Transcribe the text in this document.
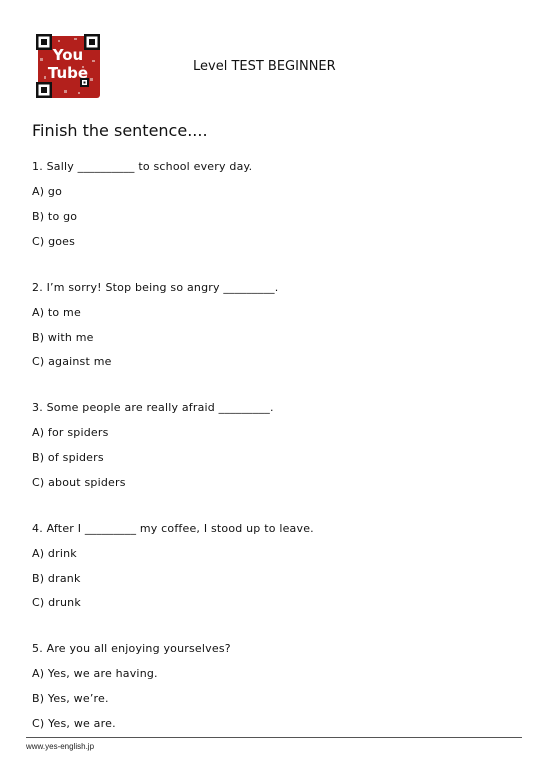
You
Tube	Level TEST BEGINNER
Finish the sentence....
1. Sally __________ to school every day.
A) go
B) to go
C) goes
2. I’m sorry! Stop being so angry _________.
A) to me
B) with me
C) against me
3. Some people are really afraid _________.
A) for spiders
B) of spiders
C) about spiders
4. After I _________ my coffee, I stood up to leave.
A) drink
B) drank
C) drunk
5. Are you all enjoying yourselves?
A) Yes, we are having.
B) Yes, we’re.
C) Yes, we are.
www.yes-english.jp
